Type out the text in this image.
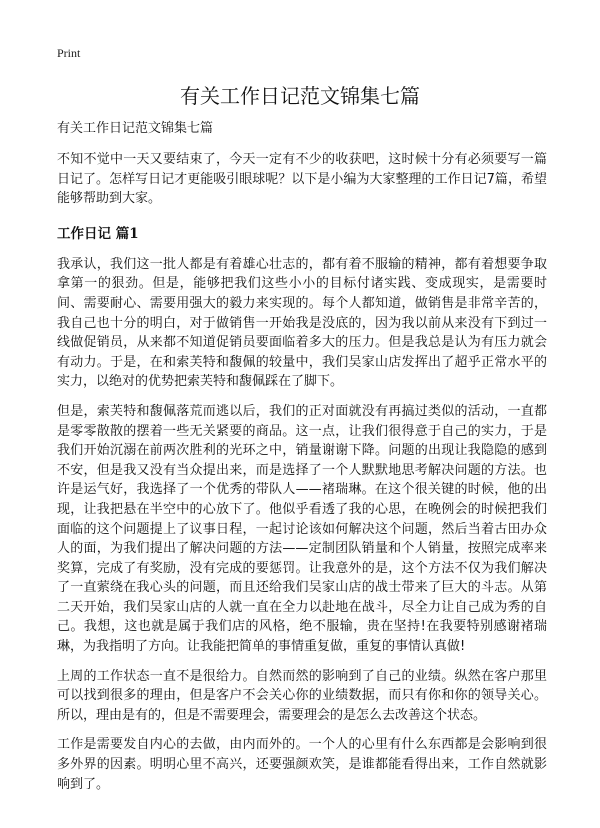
Print
有关工作日记范文锦集七篇

有关工作日记范文锦集七篇

不知不觉中一天又要结束了，今天一定有不少的收获吧，这时候十分有必须要写一篇日记了。怎样写日记才更能吸引眼球呢？以下是小编为大家整理的工作日记7篇，希望能够帮助到大家。

工作日记 篇1

我承认，我们这一批人都是有着雄心壮志的，都有着不服输的精神，都有着想要争取拿第一的狠劲。但是，能够把我们这些小小的目标付诸实践、变成现实，是需要时间、需要耐心、需要用强大的毅力来实现的。每个人都知道，做销售是非常辛苦的，我自己也十分的明白，对于做销售一开始我是没底的，因为我以前从来没有下到过一线做促销员，从来都不知道促销员要面临着多大的压力。但是我总是认为有压力就会有动力。于是，在和索芙特和馥佩的较量中，我们吴家山店发挥出了超乎正常水平的实力，以绝对的优势把索芙特和馥佩踩在了脚下。

但是，索芙特和馥佩落荒而逃以后，我们的正对面就没有再搞过类似的活动，一直都是零零散散的摆着一些无关紧要的商品。这一点，让我们很得意于自己的实力，于是我们开始沉溺在前两次胜利的光环之中，销量谢谢下降。问题的出现让我隐隐的感到不安，但是我又没有当众提出来，而是选择了一个人默默地思考解决问题的方法。也许是运气好，我选择了一个优秀的带队人——褚瑞琳。在这个很关键的时候，他的出现，让我把悬在半空中的心放下了。他似乎看透了我的心思，在晚例会的时候把我们面临的这个问题提上了议事日程，一起讨论该如何解决这个问题，然后当着古田办众人的面，为我们提出了解决问题的方法——定制团队销量和个人销量，按照完成率来奖算，完成了有奖励，没有完成的要惩罚。让我意外的是，这个方法不仅为我们解决了一直萦绕在我心头的问题，而且还给我们吴家山店的战士带来了巨大的斗志。从第二天开始，我们吴家山店的人就一直在全力以赴地在战斗，尽全力让自己成为秀的自己。我想，这也就是属于我们店的风格，绝不服输，贵在坚持!在我要特别感谢褚瑞琳，为我指明了方向。让我能把简单的事情重复做，重复的事情认真做!

上周的工作状态一直不是很给力。自然而然的影响到了自己的业绩。纵然在客户那里可以找到很多的理由，但是客户不会关心你的业绩数据，而只有你和你的领导关心。所以，理由是有的，但是不需要理会，需要理会的是怎么去改善这个状态。

工作是需要发自内心的去做，由内而外的。一个人的心里有什么东西都是会影响到很多外界的因素。明明心里不高兴，还要强颜欢笑，是谁都能看得出来，工作自然就影响到了。
